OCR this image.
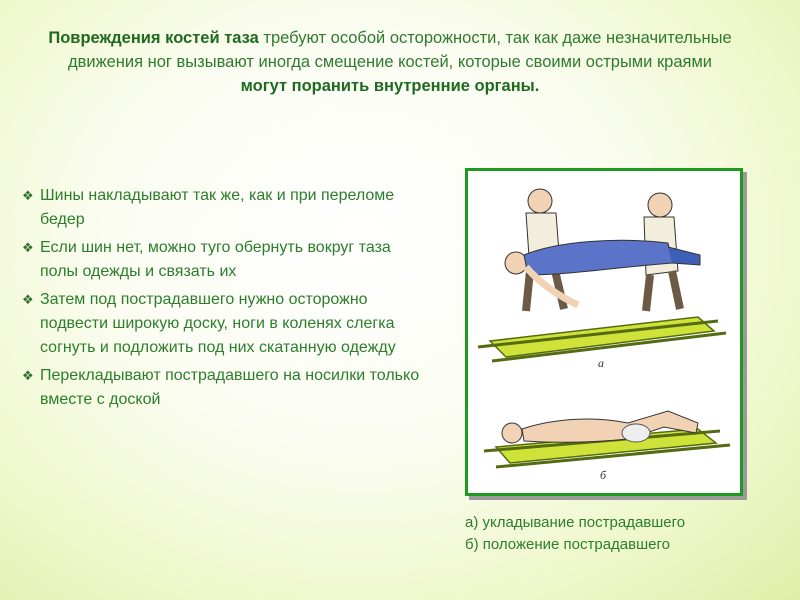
Повреждения костей таза требуют особой осторожности, так как даже незначительные движения ног вызывают иногда смещение костей, которые своими острыми краями
могут поранить внутренние органы.
❖ Шины накладывают так же, как и при переломе бедер
❖ Если шин нет, можно туго обернуть вокруг таза полы одежды и связать их
❖ Затем под пострадавшего нужно осторожно подвести широкую доску, ноги в коленях слегка согнуть и подложить под них скатанную одежду
❖ Перекладывают пострадавшего на носилки только вместе с доской
а
б
а) укладывание пострадавшего
б) положение пострадавшего
